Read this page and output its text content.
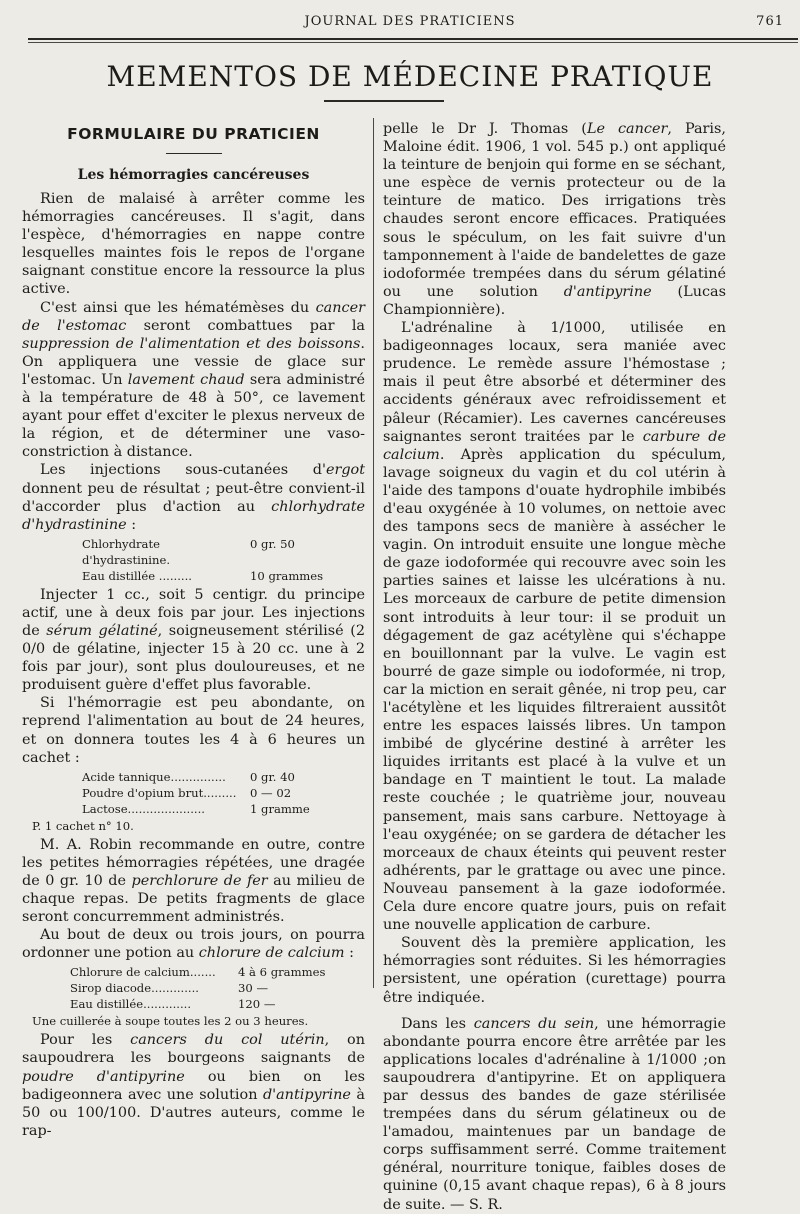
JOURNAL DES PRATICIENS	761
MEMENTOS DE MÉDECINE PRATIQUE
FORMULAIRE DU PRATICIEN
Les hémorragies cancéreuses

Rien de malaisé à arrêter comme les hémorragies cancéreuses. Il s'agit, dans l'espèce, d'hémorragies en nappe contre lesquelles maintes fois le repos de l'organe saignant constitue encore la ressource la plus active.

C'est ainsi que les hématémèses du cancer de l'estomac seront combattues par la suppression de l'alimentation et des boissons. On appliquera une vessie de glace sur l'estomac. Un lavement chaud sera administré à la température de 48 à 50°, ce lavement ayant pour effet d'exciter le plexus nerveux de la région, et de déterminer une vaso-constriction à distance.

Les injections sous-cutanées d'ergot donnent peu de résultat ; peut-être convient-il d'accorder plus d'action au chlorhydrate d'hydrastinine :

Chlorhydrate d'hydrastinine.	0 gr. 50
Eau distillée .........	10 grammes

Injecter 1 cc., soit 5 centigr. du principe actif, une à deux fois par jour. Les injections de sérum gélatiné, soigneusement stérilisé (2 0/0 de gélatine, injecter 15 à 20 cc. une à 2 fois par jour), sont plus douloureuses, et ne produisent guère d'effet plus favorable.

Si l'hémorragie est peu abondante, on reprend l'alimentation au bout de 24 heures, et on donnera toutes les 4 à 6 heures un cachet :

Acide tannique...............	0 gr. 40
Poudre d'opium brut.........	0 — 02
Lactose.....................	1 gramme
P. 1 cachet n° 10.

M. A. Robin recommande en outre, contre les petites hémorragies répétées, une dragée de 0 gr. 10 de perchlorure de fer au milieu de chaque repas. De petits fragments de glace seront concurremment administrés.

Au bout de deux ou trois jours, on pourra ordonner une potion au chlorure de calcium :

Chlorure de calcium.......	4 à 6 grammes
Sirop diacode.............	30 —
Eau distillée.............	120 —
Une cuillerée à soupe toutes les 2 ou 3 heures.

Pour les cancers du col utérin, on saupoudrera les bourgeons saignants de poudre d'antipyrine ou bien on les badigeonnera avec une solution d'antipyrine à 50 ou 100/100. D'autres auteurs, comme le rap-

pelle le Dr J. Thomas (Le cancer, Paris, Maloine édit. 1906, 1 vol. 545 p.) ont appliqué la teinture de benjoin qui forme en se séchant, une espèce de vernis protecteur ou de la teinture de matico. Des irrigations très chaudes seront encore efficaces. Pratiquées sous le spéculum, on les fait suivre d'un tamponnement à l'aide de bandelettes de gaze iodoformée trempées dans du sérum gélatiné ou une solution d'antipyrine (Lucas Championnière).

L'adrénaline à 1/1000, utilisée en badigeonnages locaux, sera maniée avec prudence. Le remède assure l'hémostase ; mais il peut être absorbé et déterminer des accidents généraux avec refroidissement et pâleur (Récamier). Les cavernes cancéreuses saignantes seront traitées par le carbure de calcium. Après application du spéculum, lavage soigneux du vagin et du col utérin à l'aide des tampons d'ouate hydrophile imbibés d'eau oxygénée à 10 volumes, on nettoie avec des tampons secs de manière à assécher le vagin. On introduit ensuite une longue mèche de gaze iodoformée qui recouvre avec soin les parties saines et laisse les ulcérations à nu. Les morceaux de carbure de petite dimension sont introduits à leur tour: il se produit un dégagement de gaz acétylène qui s'échappe en bouillonnant par la vulve. Le vagin est bourré de gaze simple ou iodoformée, ni trop, car la miction en serait gênée, ni trop peu, car l'acétylène et les liquides filtreraient aussitôt entre les espaces laissés libres. Un tampon imbibé de glycérine destiné à arrêter les liquides irritants est placé à la vulve et un bandage en T maintient le tout. La malade reste couchée ; le quatrième jour, nouveau pansement, mais sans carbure. Nettoyage à l'eau oxygénée; on se gardera de détacher les morceaux de chaux éteints qui peuvent rester adhérents, par le grattage ou avec une pince. Nouveau pansement à la gaze iodoformée. Cela dure encore quatre jours, puis on refait une nouvelle application de carbure.

Souvent dès la première application, les hémorragies sont réduites. Si les hémorragies persistent, une opération (curettage) pourra être indiquée.

Dans les cancers du sein, une hémorragie abondante pourra encore être arrêtée par les applications locales d'adrénaline à 1/1000 ;on saupoudrera d'antipyrine. Et on appliquera par dessus des bandes de gaze stérilisée trempées dans du sérum gélatineux ou de l'amadou, maintenues par un bandage de corps suffisamment serré. Comme traitement général, nourriture tonique, faibles doses de quinine (0,15 avant chaque repas), 6 à 8 jours de suite. — S. R.
